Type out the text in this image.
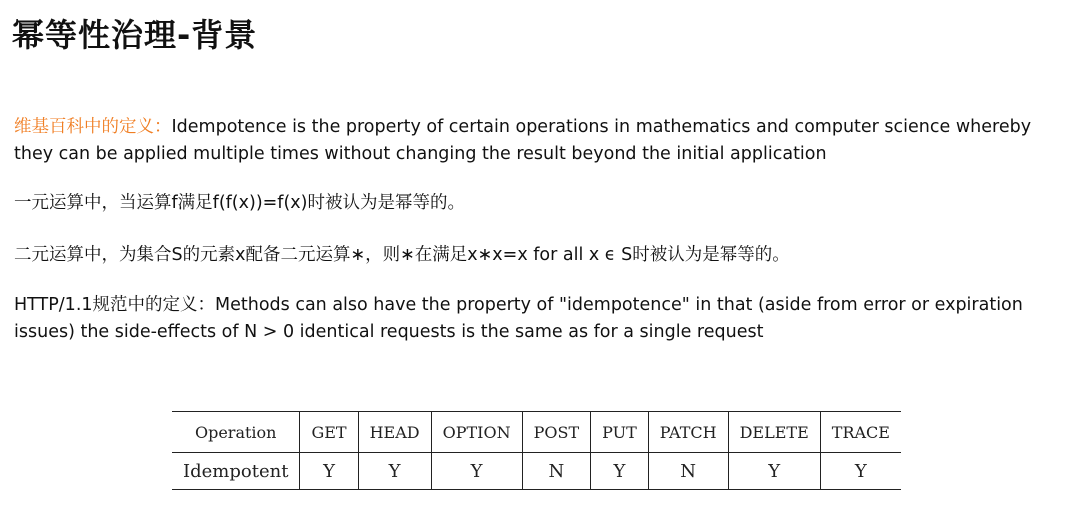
幂等性治理-背景

维基百科中的定义：Idempotence is the property of certain operations in mathematics and computer science whereby they can be applied multiple times without changing the result beyond the initial application

一元运算中，当运算f满足f(f(x))=f(x)时被认为是幂等的。

二元运算中，为集合S的元素x配备二元运算∗，则∗在满足x∗x=x for all x ϵ S时被认为是幂等的。

HTTP/1.1规范中的定义：Methods can also have the property of "idempotence" in that (aside from error or expiration issues) the side-effects of N > 0 identical requests is the same as for a single request

Operation	GET	HEAD	OPTION	POST	PUT	PATCH	DELETE	TRACE
Idempotent	Y	Y	Y	N	Y	N	Y	Y
